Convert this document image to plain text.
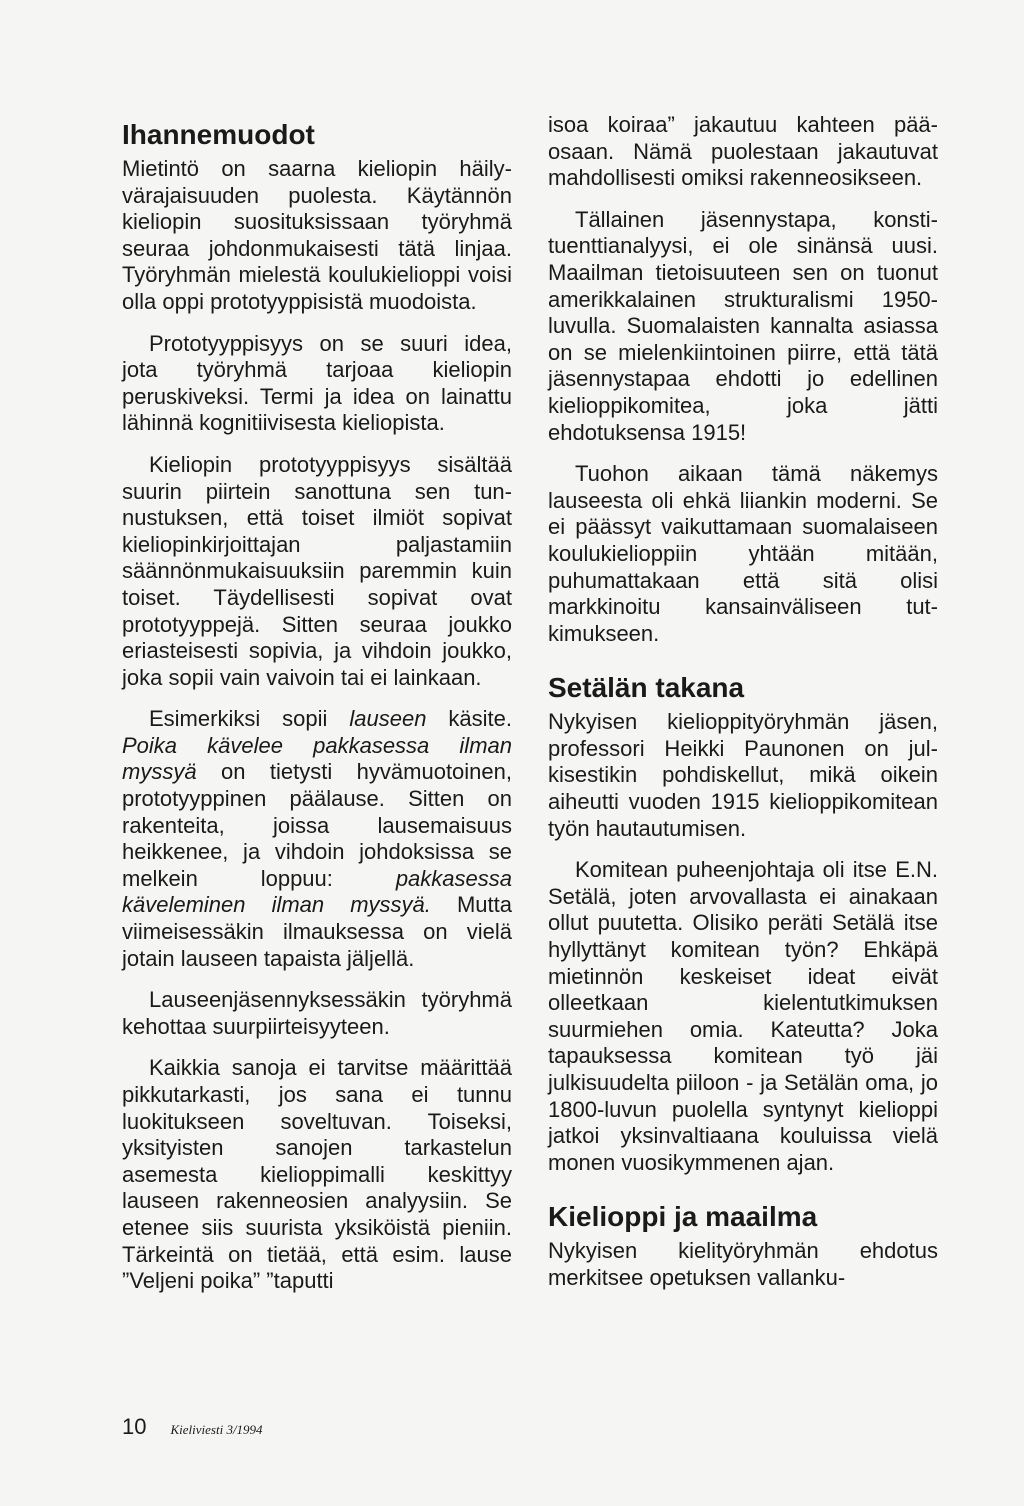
Ihannemuodot

Mietintö on saarna kieliopin häilyvärajaisuuden puolesta. Käytännön kieliopin suosituksissaan työryhmä seuraa johdonmukaisesti tätä linjaa. Työryhmän mielestä koulukielioppi voisi olla oppi prototyyppisistä muodoista.

Prototyyppisyys on se suuri idea, jota työryhmä tarjoaa kieliopin peruskiveksi. Termi ja idea on lainattu lähinnä kognitiivisesta kieliopista.

Kieliopin prototyyppisyys sisältää suurin piirtein sanottuna sen tunnustuksen, että toiset ilmiöt sopivat kieliopinkirjoittajan paljastamiin säännönmukaisuuksiin paremmin kuin toiset. Täydellisesti sopivat ovat prototyyppejä. Sitten seuraa joukko eriasteisesti sopivia, ja vihdoin joukko, joka sopii vain vaivoin tai ei lainkaan.

Esimerkiksi sopii lauseen käsite. Poika kävelee pakkasessa ilman myssyä on tietysti hyvämuotoinen, prototyyppinen päälause. Sitten on rakenteita, joissa lausemaisuus heikkenee, ja vihdoin johdoksissa se melkein loppuu: pakkasessa käveleminen ilman myssyä. Mutta viimeisessäkin ilmauksessa on vielä jotain lauseen tapaista jäljellä.

Lauseenjäsennyksessäkin työryhmä kehottaa suurpiirteisyyteen.

Kaikkia sanoja ei tarvitse määrittää pikkutarkasti, jos sana ei tunnu luokitukseen soveltuvan. Toiseksi, yksityisten sanojen tarkastelun asemesta kielioppimalli keskittyy lauseen rakenneosien analyysiin. Se etenee siis suurista yksiköistä pieniin. Tärkeintä on tietää, että esim. lause ”Veljeni poika” ”taputti

isoa koiraa” jakautuu kahteen pääosaan. Nämä puolestaan jakautuvat mahdollisesti omiksi rakenneosikseen.

Tällainen jäsennystapa, konstituenttianalyysi, ei ole sinänsä uusi. Maailman tietoisuuteen sen on tuonut amerikkalainen strukturalismi 1950-luvulla. Suomalaisten kannalta asiassa on se mielenkiintoinen piirre, että tätä jäsennystapaa ehdotti jo edellinen kielioppikomitea, joka jätti ehdotuksensa 1915!

Tuohon aikaan tämä näkemys lauseesta oli ehkä liiankin moderni. Se ei päässyt vaikuttamaan suomalaiseen koulukielioppiin yhtään mitään, puhumattakaan että sitä olisi markkinoitu kansainväliseen tutkimukseen.

Setälän takana

Nykyisen kielioppityöryhmän jäsen, professori Heikki Paunonen on julkisestikin pohdiskellut, mikä oikein aiheutti vuoden 1915 kielioppikomitean työn hautautumisen.

Komitean puheenjohtaja oli itse E.N. Setälä, joten arvovallasta ei ainakaan ollut puutetta. Olisiko peräti Setälä itse hyllyttänyt komitean työn? Ehkäpä mietinnön keskeiset ideat eivät olleetkaan kielentutkimuksen suurmiehen omia. Kateutta? Joka tapauksessa komitean työ jäi julkisuudelta piiloon - ja Setälän oma, jo 1800-luvun puolella syntynyt kielioppi jatkoi yksinvaltiaana kouluissa vielä monen vuosikymmenen ajan.

Kielioppi ja maailma

Nykyisen kielityöryhmän ehdotus merkitsee opetuksen vallanku-

10 Kieliviesti 3/1994
